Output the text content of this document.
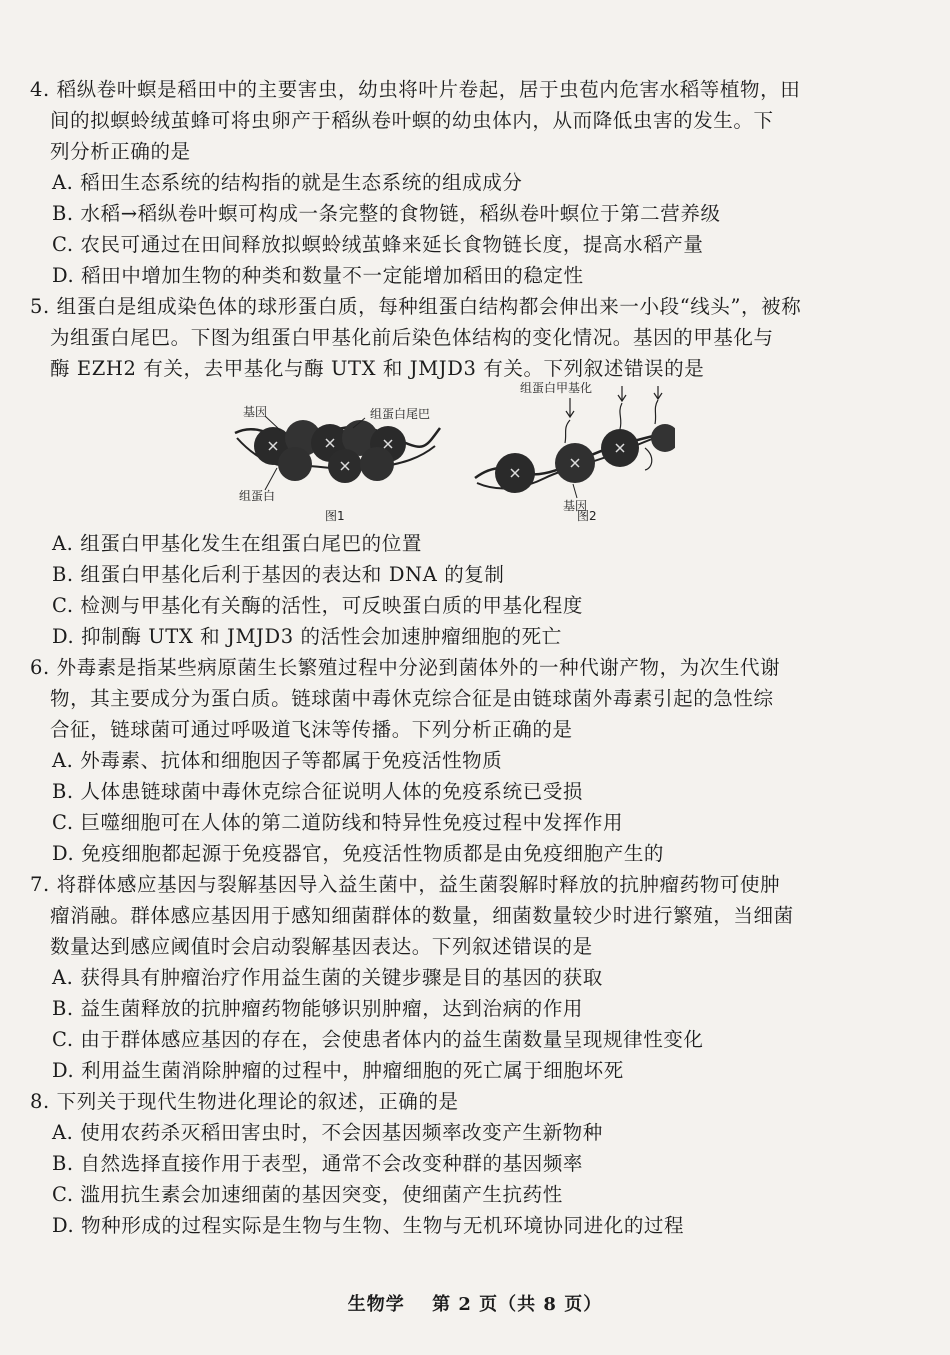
4. 稻纵卷叶螟是稻田中的主要害虫，幼虫将叶片卷起，居于虫苞内危害水稻等植物，田
间的拟螟蛉绒茧蜂可将虫卵产于稻纵卷叶螟的幼虫体内，从而降低虫害的发生。下
列分析正确的是
A. 稻田生态系统的结构指的就是生态系统的组成成分
B. 水稻→稻纵卷叶螟可构成一条完整的食物链，稻纵卷叶螟位于第二营养级
C. 农民可通过在田间释放拟螟蛉绒茧蜂来延长食物链长度，提高水稻产量
D. 稻田中增加生物的种类和数量不一定能增加稻田的稳定性
5. 组蛋白是组成染色体的球形蛋白质，每种组蛋白结构都会伸出来一小段“线头”，被称
为组蛋白尾巴。下图为组蛋白甲基化前后染色体结构的变化情况。基因的甲基化与
酶 EZH2 有关，去甲基化与酶 UTX 和 JMJD3 有关。下列叙述错误的是
基因	组蛋白尾巴
组蛋白
图1
组蛋白甲基化
基因
图2
A. 组蛋白甲基化发生在组蛋白尾巴的位置
B. 组蛋白甲基化后利于基因的表达和 DNA 的复制
C. 检测与甲基化有关酶的活性，可反映蛋白质的甲基化程度
D. 抑制酶 UTX 和 JMJD3 的活性会加速肿瘤细胞的死亡
6. 外毒素是指某些病原菌生长繁殖过程中分泌到菌体外的一种代谢产物，为次生代谢
物，其主要成分为蛋白质。链球菌中毒休克综合征是由链球菌外毒素引起的急性综
合征，链球菌可通过呼吸道飞沫等传播。下列分析正确的是
A. 外毒素、抗体和细胞因子等都属于免疫活性物质
B. 人体患链球菌中毒休克综合征说明人体的免疫系统已受损
C. 巨噬细胞可在人体的第二道防线和特异性免疫过程中发挥作用
D. 免疫细胞都起源于免疫器官，免疫活性物质都是由免疫细胞产生的
7. 将群体感应基因与裂解基因导入益生菌中，益生菌裂解时释放的抗肿瘤药物可使肿
瘤消融。群体感应基因用于感知细菌群体的数量，细菌数量较少时进行繁殖，当细菌
数量达到感应阈值时会启动裂解基因表达。下列叙述错误的是
A. 获得具有肿瘤治疗作用益生菌的关键步骤是目的基因的获取
B. 益生菌释放的抗肿瘤药物能够识别肿瘤，达到治病的作用
C. 由于群体感应基因的存在，会使患者体内的益生菌数量呈现规律性变化
D. 利用益生菌消除肿瘤的过程中，肿瘤细胞的死亡属于细胞坏死
8. 下列关于现代生物进化理论的叙述，正确的是
A. 使用农药杀灭稻田害虫时，不会因基因频率改变产生新物种
B. 自然选择直接作用于表型，通常不会改变种群的基因频率
C. 滥用抗生素会加速细菌的基因突变，使细菌产生抗药性
D. 物种形成的过程实际是生物与生物、生物与无机环境协同进化的过程
生物学 第 2 页（共 8 页）
